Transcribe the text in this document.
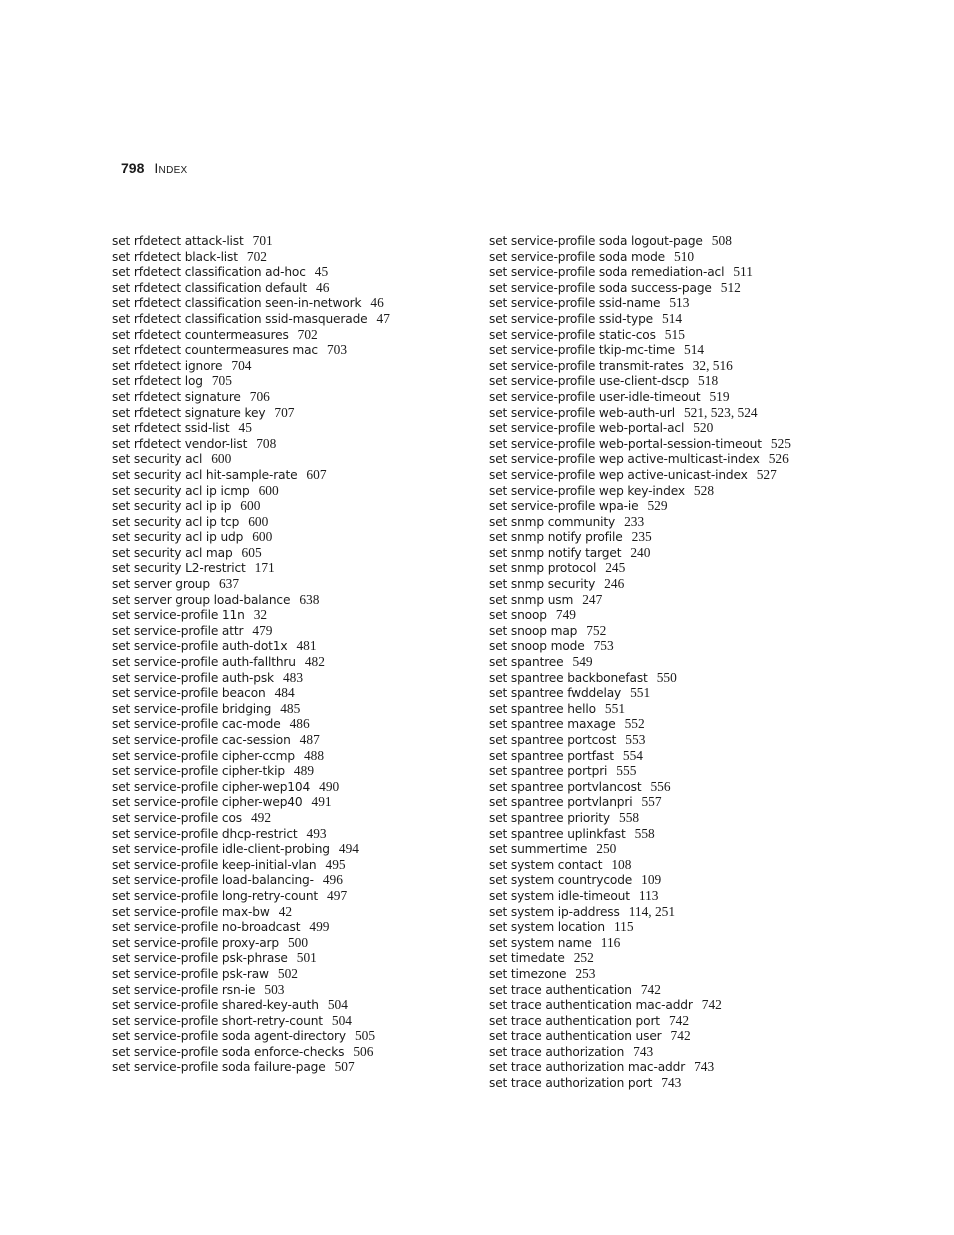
798 Index
set rfdetect attack-list 701
set rfdetect black-list 702
set rfdetect classification ad-hoc 45
set rfdetect classification default 46
set rfdetect classification seen-in-network 46
set rfdetect classification ssid-masquerade 47
set rfdetect countermeasures 702
set rfdetect countermeasures mac 703
set rfdetect ignore 704
set rfdetect log 705
set rfdetect signature 706
set rfdetect signature key 707
set rfdetect ssid-list 45
set rfdetect vendor-list 708
set security acl 600
set security acl hit-sample-rate 607
set security acl ip icmp 600
set security acl ip ip 600
set security acl ip tcp 600
set security acl ip udp 600
set security acl map 605
set security L2-restrict 171
set server group 637
set server group load-balance 638
set service-profile 11n 32
set service-profile attr 479
set service-profile auth-dot1x 481
set service-profile auth-fallthru 482
set service-profile auth-psk 483
set service-profile beacon 484
set service-profile bridging 485
set service-profile cac-mode 486
set service-profile cac-session 487
set service-profile cipher-ccmp 488
set service-profile cipher-tkip 489
set service-profile cipher-wep104 490
set service-profile cipher-wep40 491
set service-profile cos 492
set service-profile dhcp-restrict 493
set service-profile idle-client-probing 494
set service-profile keep-initial-vlan 495
set service-profile load-balancing- 496
set service-profile long-retry-count 497
set service-profile max-bw 42
set service-profile no-broadcast 499
set service-profile proxy-arp 500
set service-profile psk-phrase 501
set service-profile psk-raw 502
set service-profile rsn-ie 503
set service-profile shared-key-auth 504
set service-profile short-retry-count 504
set service-profile soda agent-directory 505
set service-profile soda enforce-checks 506
set service-profile soda failure-page 507
set service-profile soda logout-page 508
set service-profile soda mode 510
set service-profile soda remediation-acl 511
set service-profile soda success-page 512
set service-profile ssid-name 513
set service-profile ssid-type 514
set service-profile static-cos 515
set service-profile tkip-mc-time 514
set service-profile transmit-rates 32, 516
set service-profile use-client-dscp 518
set service-profile user-idle-timeout 519
set service-profile web-auth-url 521, 523, 524
set service-profile web-portal-acl 520
set service-profile web-portal-session-timeout 525
set service-profile wep active-multicast-index 526
set service-profile wep active-unicast-index 527
set service-profile wep key-index 528
set service-profile wpa-ie 529
set snmp community 233
set snmp notify profile 235
set snmp notify target 240
set snmp protocol 245
set snmp security 246
set snmp usm 247
set snoop 749
set snoop map 752
set snoop mode 753
set spantree 549
set spantree backbonefast 550
set spantree fwddelay 551
set spantree hello 551
set spantree maxage 552
set spantree portcost 553
set spantree portfast 554
set spantree portpri 555
set spantree portvlancost 556
set spantree portvlanpri 557
set spantree priority 558
set spantree uplinkfast 558
set summertime 250
set system contact 108
set system countrycode 109
set system idle-timeout 113
set system ip-address 114, 251
set system location 115
set system name 116
set timedate 252
set timezone 253
set trace authentication 742
set trace authentication mac-addr 742
set trace authentication port 742
set trace authentication user 742
set trace authorization 743
set trace authorization mac-addr 743
set trace authorization port 743
